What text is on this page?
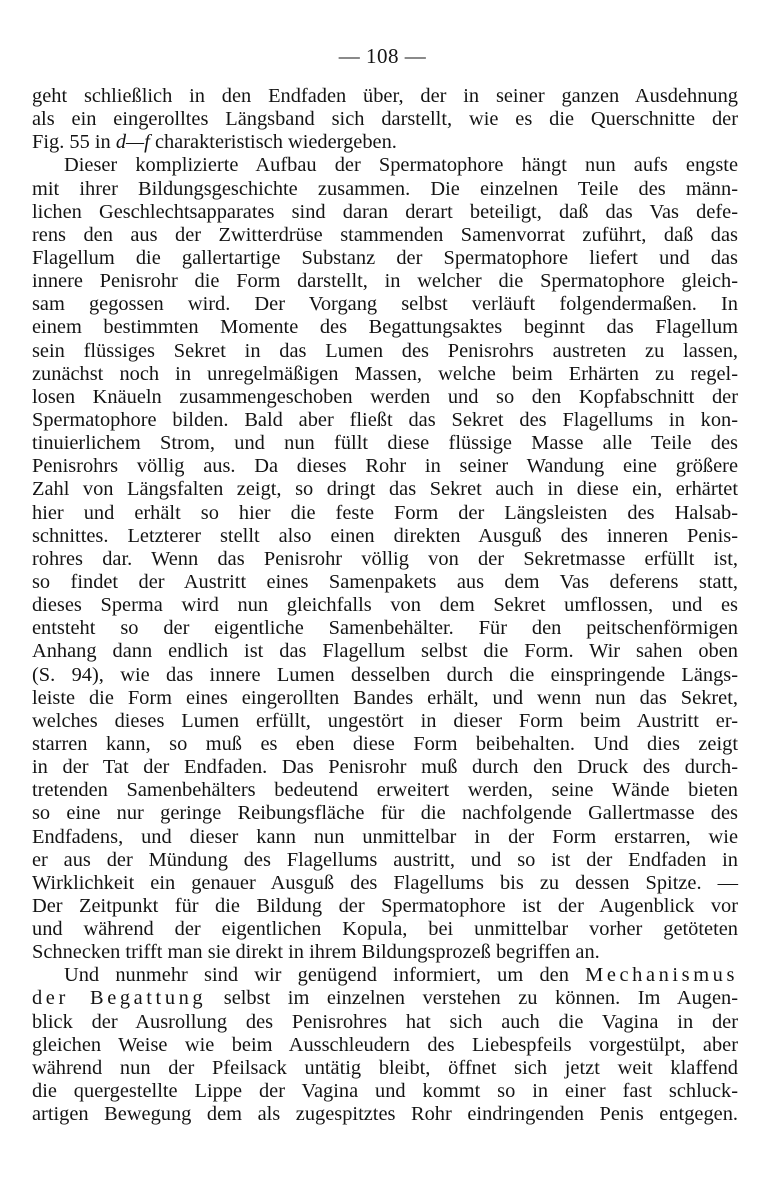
— 108 —
geht schließlich in den Endfaden über, der in seiner ganzen Ausdehnung
als ein eingerolltes Längsband sich darstellt, wie es die Querschnitte der
Fig. 55 in d—f charakteristisch wiedergeben.
Dieser komplizierte Aufbau der Spermatophore hängt nun aufs engste
mit ihrer Bildungsgeschichte zusammen. Die einzelnen Teile des männ-
lichen Geschlechtsapparates sind daran derart beteiligt, daß das Vas defe-
rens den aus der Zwitterdrüse stammenden Samenvorrat zuführt, daß das
Flagellum die gallertartige Substanz der Spermatophore liefert und das
innere Penisrohr die Form darstellt, in welcher die Spermatophore gleich-
sam gegossen wird. Der Vorgang selbst verläuft folgendermaßen. In
einem bestimmten Momente des Begattungsaktes beginnt das Flagellum
sein flüssiges Sekret in das Lumen des Penisrohrs austreten zu lassen,
zunächst noch in unregelmäßigen Massen, welche beim Erhärten zu regel-
losen Knäueln zusammengeschoben werden und so den Kopfabschnitt der
Spermatophore bilden. Bald aber fließt das Sekret des Flagellums in kon-
tinuierlichem Strom, und nun füllt diese flüssige Masse alle Teile des
Penisrohrs völlig aus. Da dieses Rohr in seiner Wandung eine größere
Zahl von Längsfalten zeigt, so dringt das Sekret auch in diese ein, erhärtet
hier und erhält so hier die feste Form der Längsleisten des Halsab-
schnittes. Letzterer stellt also einen direkten Ausguß des inneren Penis-
rohres dar. Wenn das Penisrohr völlig von der Sekretmasse erfüllt ist,
so findet der Austritt eines Samenpakets aus dem Vas deferens statt,
dieses Sperma wird nun gleichfalls von dem Sekret umflossen, und es
entsteht so der eigentliche Samenbehälter. Für den peitschenförmigen
Anhang dann endlich ist das Flagellum selbst die Form. Wir sahen oben
(S. 94), wie das innere Lumen desselben durch die einspringende Längs-
leiste die Form eines eingerollten Bandes erhält, und wenn nun das Sekret,
welches dieses Lumen erfüllt, ungestört in dieser Form beim Austritt er-
starren kann, so muß es eben diese Form beibehalten. Und dies zeigt
in der Tat der Endfaden. Das Penisrohr muß durch den Druck des durch-
tretenden Samenbehälters bedeutend erweitert werden, seine Wände bieten
so eine nur geringe Reibungsfläche für die nachfolgende Gallertmasse des
Endfadens, und dieser kann nun unmittelbar in der Form erstarren, wie
er aus der Mündung des Flagellums austritt, und so ist der Endfaden in
Wirklichkeit ein genauer Ausguß des Flagellums bis zu dessen Spitze. —
Der Zeitpunkt für die Bildung der Spermatophore ist der Augenblick vor
und während der eigentlichen Kopula, bei unmittelbar vorher getöteten
Schnecken trifft man sie direkt in ihrem Bildungsprozeß begriffen an.
Und nunmehr sind wir genügend informiert, um den Mechanismus
der Begattung selbst im einzelnen verstehen zu können. Im Augen-
blick der Ausrollung des Penisrohres hat sich auch die Vagina in der
gleichen Weise wie beim Ausschleudern des Liebespfeils vorgestülpt, aber
während nun der Pfeilsack untätig bleibt, öffnet sich jetzt weit klaffend
die quergestellte Lippe der Vagina und kommt so in einer fast schluck-
artigen Bewegung dem als zugespitztes Rohr eindringenden Penis entgegen.
